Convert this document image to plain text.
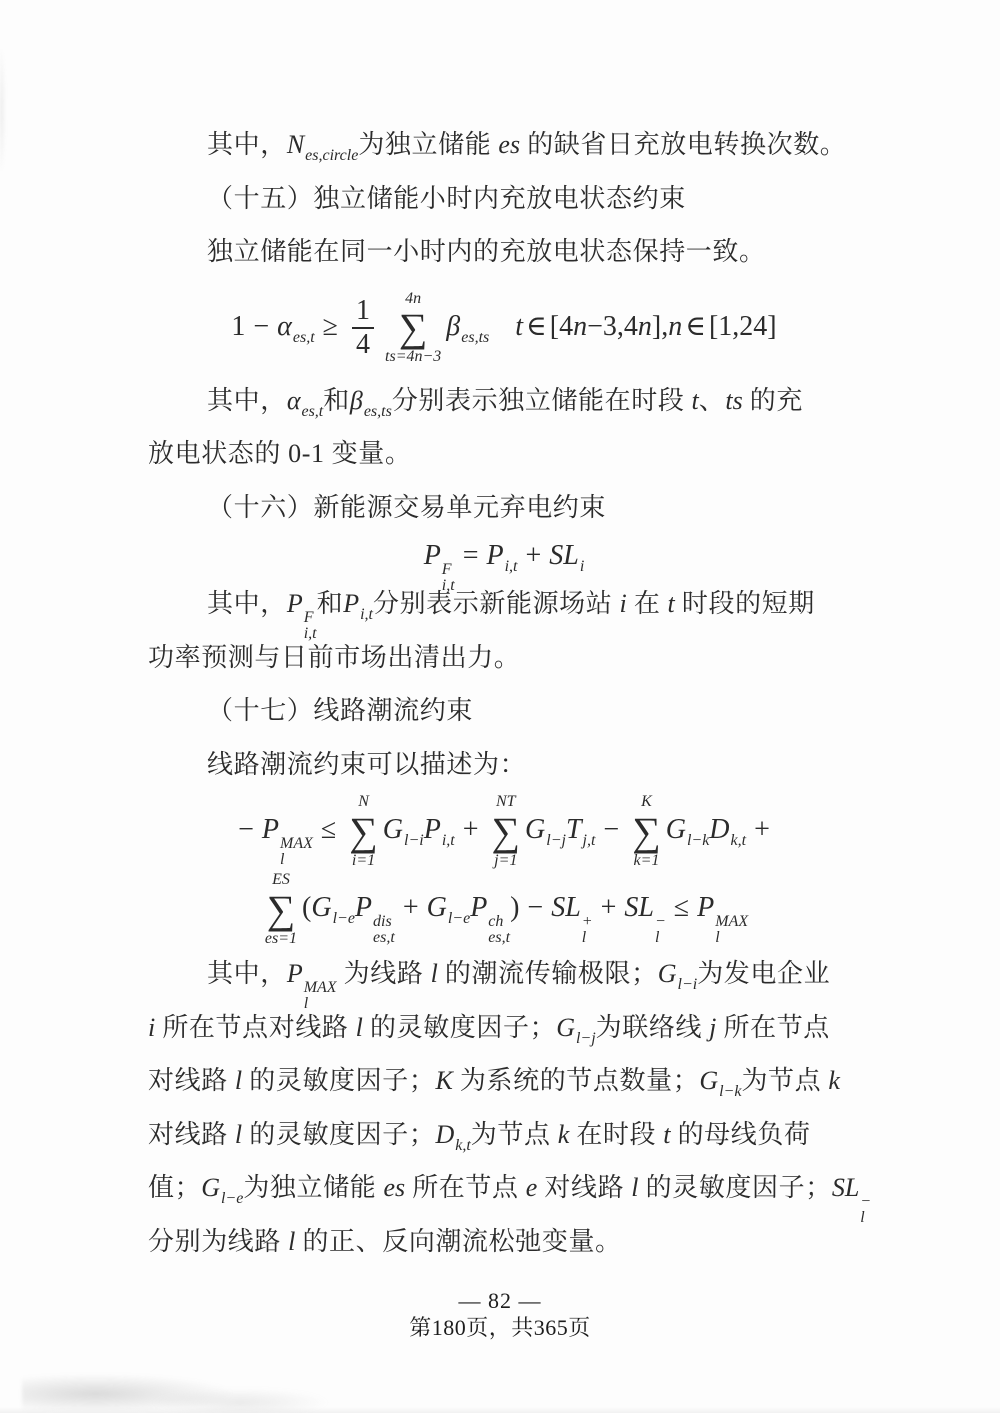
其中，$N_{es,circle}$为独立储能 es 的缺省日充放电转换次数。
（十五）独立储能小时内充放电状态约束
独立储能在同一小时内的充放电状态保持一致。
$1 - \alpha_{es,t} \ge \frac{1}{4} 4n$
∑
ts=4n−3
$\beta_{es,ts}$ t ∈ [4n−3,4n],n ∈ [1,24]
其中，$\alpha_{es,t}$和$\beta_{es,ts}$分别表示独立储能在时段 t、ts 的充
放电状态的 0-1 变量。
（十六）新能源交易单元弃电约束
P F
i,t
= $P_{i,t} + SL_i$
其中，P F
i,t
和$P_{i,t}$分别表示新能源场站 i 在 t 时段的短期
功率预测与日前市场出清出力。
（十七）线路潮流约束
线路潮流约束可以描述为：
− P MAX
l
≤
N
∑
i=1
$G_{l-i}P_{i,t}$ +
NT
∑
j=1
$G_{l-j}T_{j,t}$ −
K
∑
k=1
$G_{l-k}D_{k,t}$ +
ES
∑
es=1
($G_{l-e}P$ dis
es,t
+ $G_{l-e}P$ ch
es,t
) − SL +
l
+ SL −
l
≤ P MAX
l
其中，P MAX
l
为线路 l 的潮流传输极限；$G_{l-i}$为发电企业
i 所在节点对线路 l 的灵敏度因子；$G_{l-j}$为联络线 j 所在节点
对线路 l 的灵敏度因子；K 为系统的节点数量；$G_{l-k}$为节点 k
对线路 l 的灵敏度因子；$D_{k,t}$为节点 k 在时段 t 的母线负荷
值；$G_{l-e}$为独立储能 es 所在节点 e 对线路 l 的灵敏度因子；SL −
l
分别为线路 l 的正、反向潮流松弛变量。
— 82 —
第180页，共365页
